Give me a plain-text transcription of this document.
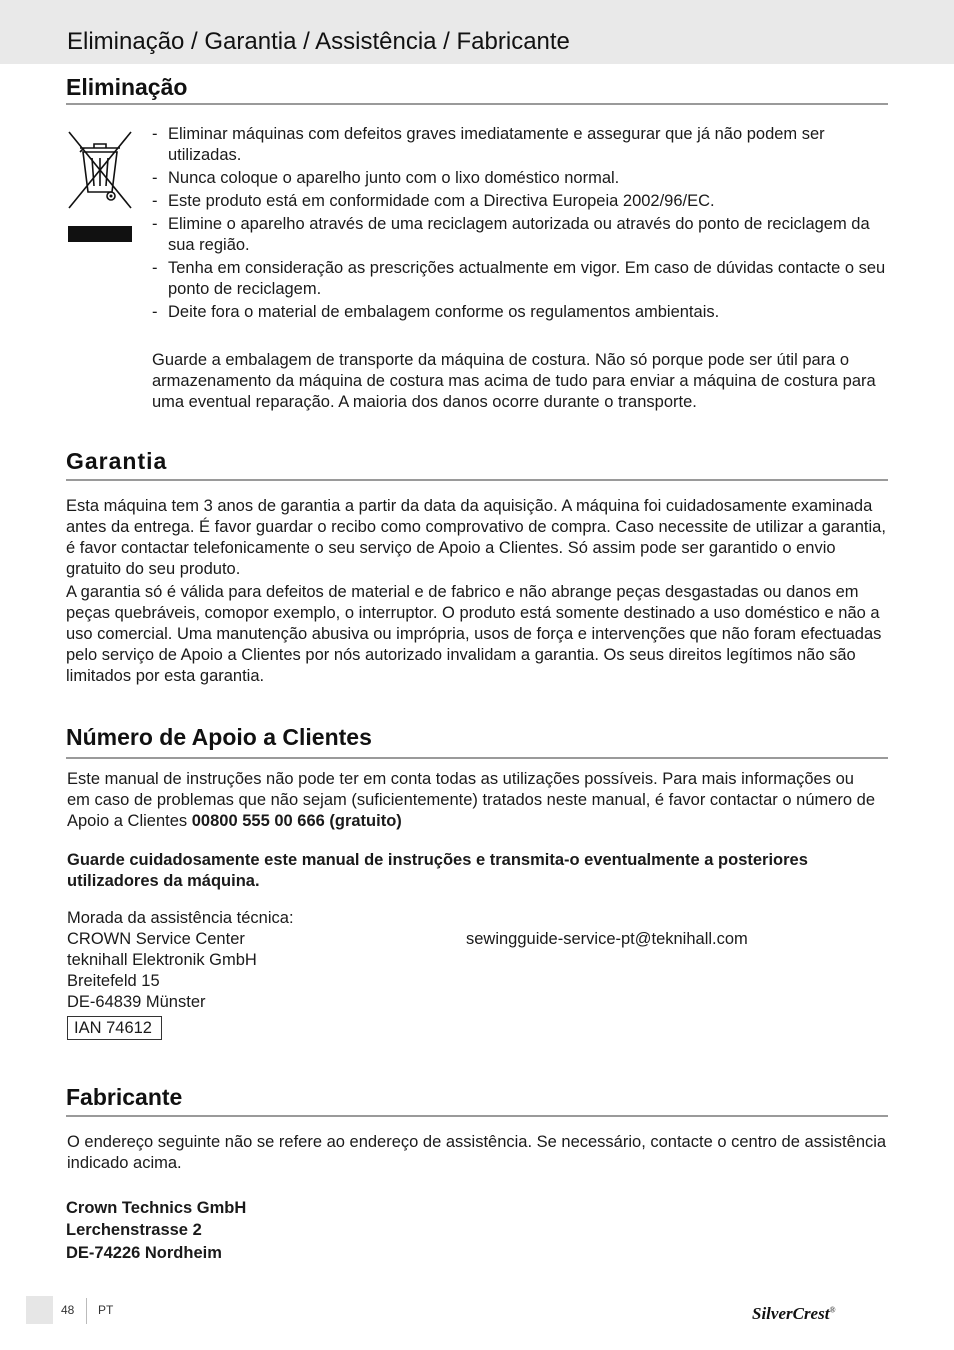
Eliminação / Garantia / Assistência / Fabricante
Eliminação
- Eliminar máquinas com defeitos graves imediatamente e assegurar que já não podem ser utilizadas.
- Nunca coloque o aparelho junto com o lixo doméstico normal.
- Este produto está em conformidade com a Directiva Europeia 2002/96/EC.
- Elimine o aparelho através de uma reciclagem autorizada ou através do ponto de reciclagem da sua região.
- Tenha em consideração as prescrições actualmente em vigor. Em caso de dúvidas contacte o seu ponto de reciclagem.
- Deite fora o material de embalagem conforme os regulamentos ambientais.
Guarde a embalagem de transporte da máquina de costura. Não só porque pode ser útil para o armazenamento da máquina de costura mas acima de tudo para enviar a máquina de costura para uma eventual reparação. A maioria dos danos ocorre durante o transporte.
Garantia
Esta máquina tem 3 anos de garantia a partir da data da aquisição. A máquina foi cuidadosamente examinada antes da entrega. É favor guardar o recibo como comprovativo de compra. Caso necessite de utilizar a garantia, é favor contactar telefonicamente o seu serviço de Apoio a Clientes. Só assim pode ser garantido o envio gratuito do seu produto.
A garantia só é válida para defeitos de material e de fabrico e não abrange peças desgastadas ou danos em peças quebráveis, comopor exemplo, o interruptor. O produto está somente destinado a uso doméstico e não a uso comercial. Uma manutenção abusiva ou imprópria, usos de força e intervenções que não foram efectuadas pelo serviço de Apoio a Clientes por nós autorizado invalidam a garantia. Os seus direitos legítimos não são limitados por esta garantia.
Número de Apoio a Clientes
Este manual de instruções não pode ter em conta todas as utilizações possíveis. Para mais informações ou em caso de problemas que não sejam (suficientemente) tratados neste manual, é favor contactar o número de Apoio a Clientes 00800 555 00 666 (gratuito)
Guarde cuidadosamente este manual de instruções e transmita-o eventualmente a posteriores utilizadores da máquina.
Morada da assistência técnica:
CROWN Service Center
teknihall Elektronik GmbH
Breitefeld 15
DE-64839 Münster
sewingguide-service-pt@teknihall.com
IAN 74612
Fabricante
O endereço seguinte não se refere ao endereço de assistência. Se necessário, contacte o centro de assistência indicado acima.
Crown Technics GmbH
Lerchenstrasse 2
DE-74226 Nordheim
48 PT	SilverCrest®
